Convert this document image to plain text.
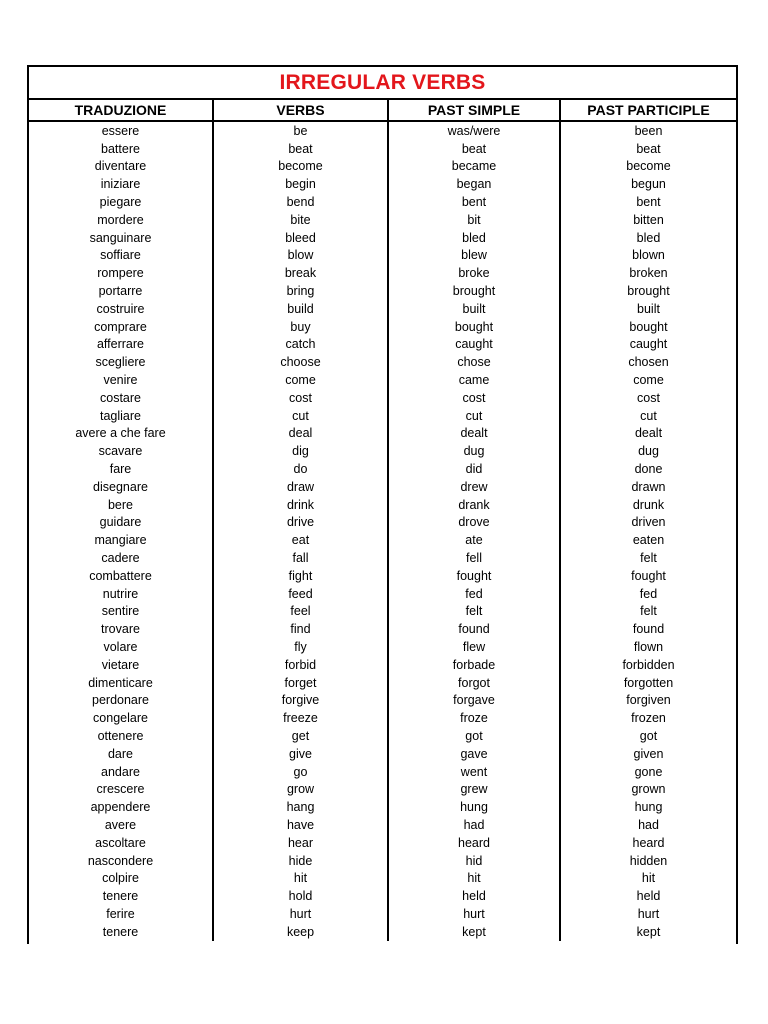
IRREGULAR VERBS
TRADUZIONE	VERBS	PAST SIMPLE	PAST PARTICIPLE
essere	be	was/were	been
battere	beat	beat	beat
diventare	become	became	become
iniziare	begin	began	begun
piegare	bend	bent	bent
mordere	bite	bit	bitten
sanguinare	bleed	bled	bled
soffiare	blow	blew	blown
rompere	break	broke	broken
portarre	bring	brought	brought
costruire	build	built	built
comprare	buy	bought	bought
afferrare	catch	caught	caught
scegliere	choose	chose	chosen
venire	come	came	come
costare	cost	cost	cost
tagliare	cut	cut	cut
avere a che fare	deal	dealt	dealt
scavare	dig	dug	dug
fare	do	did	done
disegnare	draw	drew	drawn
bere	drink	drank	drunk
guidare	drive	drove	driven
mangiare	eat	ate	eaten
cadere	fall	fell	felt
combattere	fight	fought	fought
nutrire	feed	fed	fed
sentire	feel	felt	felt
trovare	find	found	found
volare	fly	flew	flown
vietare	forbid	forbade	forbidden
dimenticare	forget	forgot	forgotten
perdonare	forgive	forgave	forgiven
congelare	freeze	froze	frozen
ottenere	get	got	got
dare	give	gave	given
andare	go	went	gone
crescere	grow	grew	grown
appendere	hang	hung	hung
avere	have	had	had
ascoltare	hear	heard	heard
nascondere	hide	hid	hidden
colpire	hit	hit	hit
tenere	hold	held	held
ferire	hurt	hurt	hurt
tenere	keep	kept	kept
